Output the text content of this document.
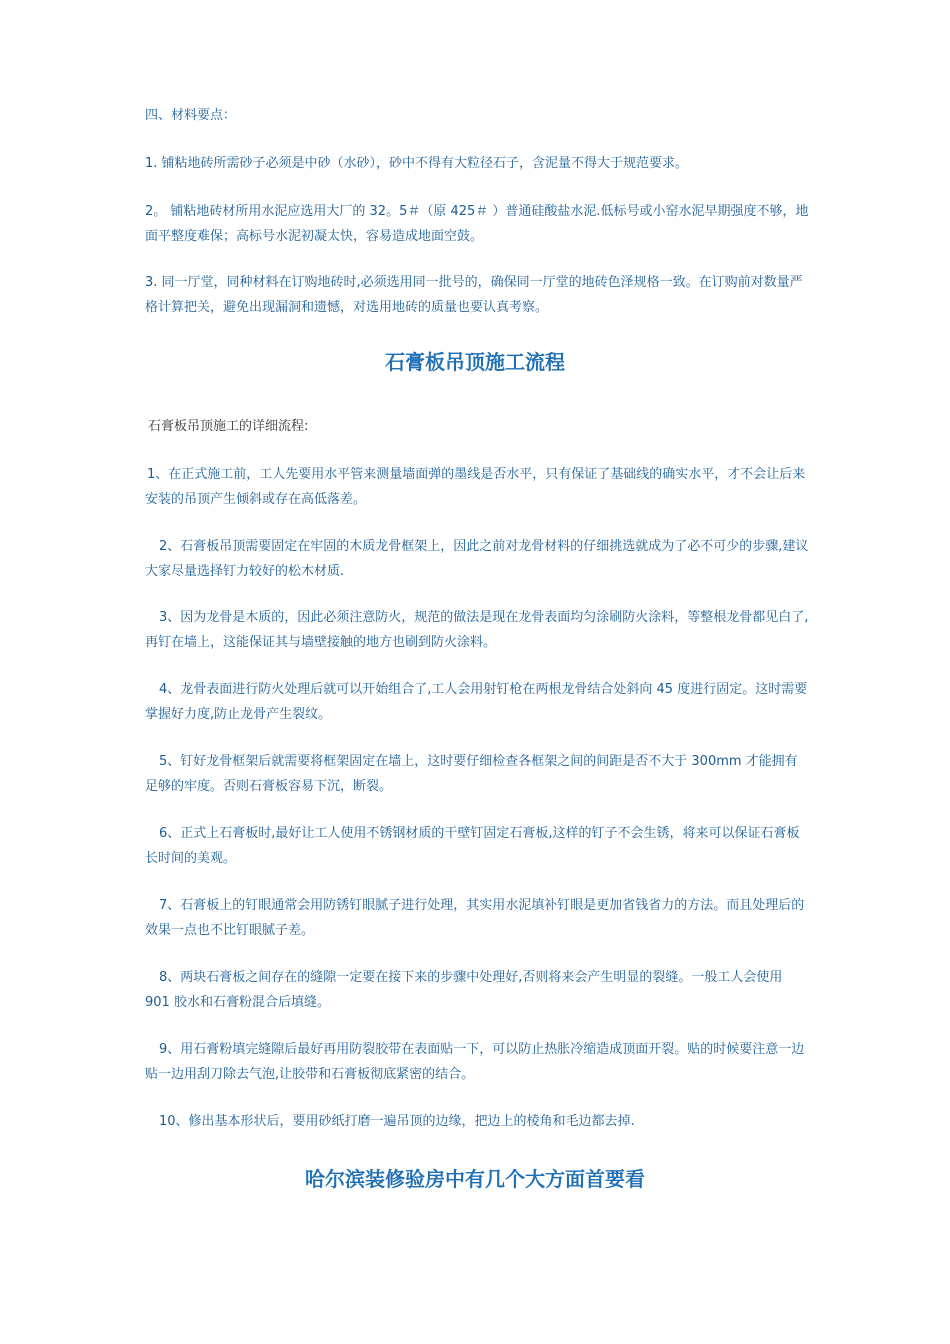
四、材料要点：

1. 铺粘地砖所需砂子必须是中砂（水砂），砂中不得有大粒径石子，含泥量不得大于规范要求。

2。 铺粘地砖材所用水泥应选用大厂的 32。5＃（原 425＃ ）普通硅酸盐水泥.低标号或小窑水泥早期强度不够，地面平整度难保；高标号水泥初凝太快，容易造成地面空鼓。

3. 同一厅堂，同种材料在订购地砖时,必须选用同一批号的，确保同一厅堂的地砖色泽规格一致。在订购前对数量严格计算把关，避免出现漏洞和遗憾，对选用地砖的质量也要认真考察。

石膏板吊顶施工流程

石膏板吊顶施工的详细流程:

1、在正式施工前，工人先要用水平管来测量墙面弹的墨线是否水平，只有保证了基础线的确实水平，才不会让后来安装的吊顶产生倾斜或存在高低落差。

2、石膏板吊顶需要固定在牢固的木质龙骨框架上，因此之前对龙骨材料的仔细挑选就成为了必不可少的步骤,建议大家尽量选择钉力较好的松木材质.

3、因为龙骨是木质的，因此必须注意防火，规范的做法是现在龙骨表面均匀涂刷防火涂料，等整根龙骨都见白了,再钉在墙上，这能保证其与墙壁接触的地方也刷到防火涂料。

4、龙骨表面进行防火处理后就可以开始组合了,工人会用射钉枪在两根龙骨结合处斜向 45 度进行固定。这时需要掌握好力度,防止龙骨产生裂纹。

5、钉好龙骨框架后就需要将框架固定在墙上，这时要仔细检查各框架之间的间距是否不大于 300mm 才能拥有足够的牢度。否则石膏板容易下沉，断裂。

6、正式上石膏板时,最好让工人使用不锈钢材质的干壁钉固定石膏板,这样的钉子不会生锈，将来可以保证石膏板长时间的美观。

7、石膏板上的钉眼通常会用防锈钉眼腻子进行处理，其实用水泥填补钉眼是更加省钱省力的方法。而且处理后的效果一点也不比钉眼腻子差。

8、两块石膏板之间存在的缝隙一定要在接下来的步骤中处理好,否则将来会产生明显的裂缝。一般工人会使用 901 胶水和石膏粉混合后填缝。

9、用石膏粉填完缝隙后最好再用防裂胶带在表面贴一下，可以防止热胀冷缩造成顶面开裂。贴的时候要注意一边贴一边用刮刀除去气泡,让胶带和石膏板彻底紧密的结合。

10、修出基本形状后，要用砂纸打磨一遍吊顶的边缘，把边上的棱角和毛边都去掉.

哈尔滨装修验房中有几个大方面首要看
